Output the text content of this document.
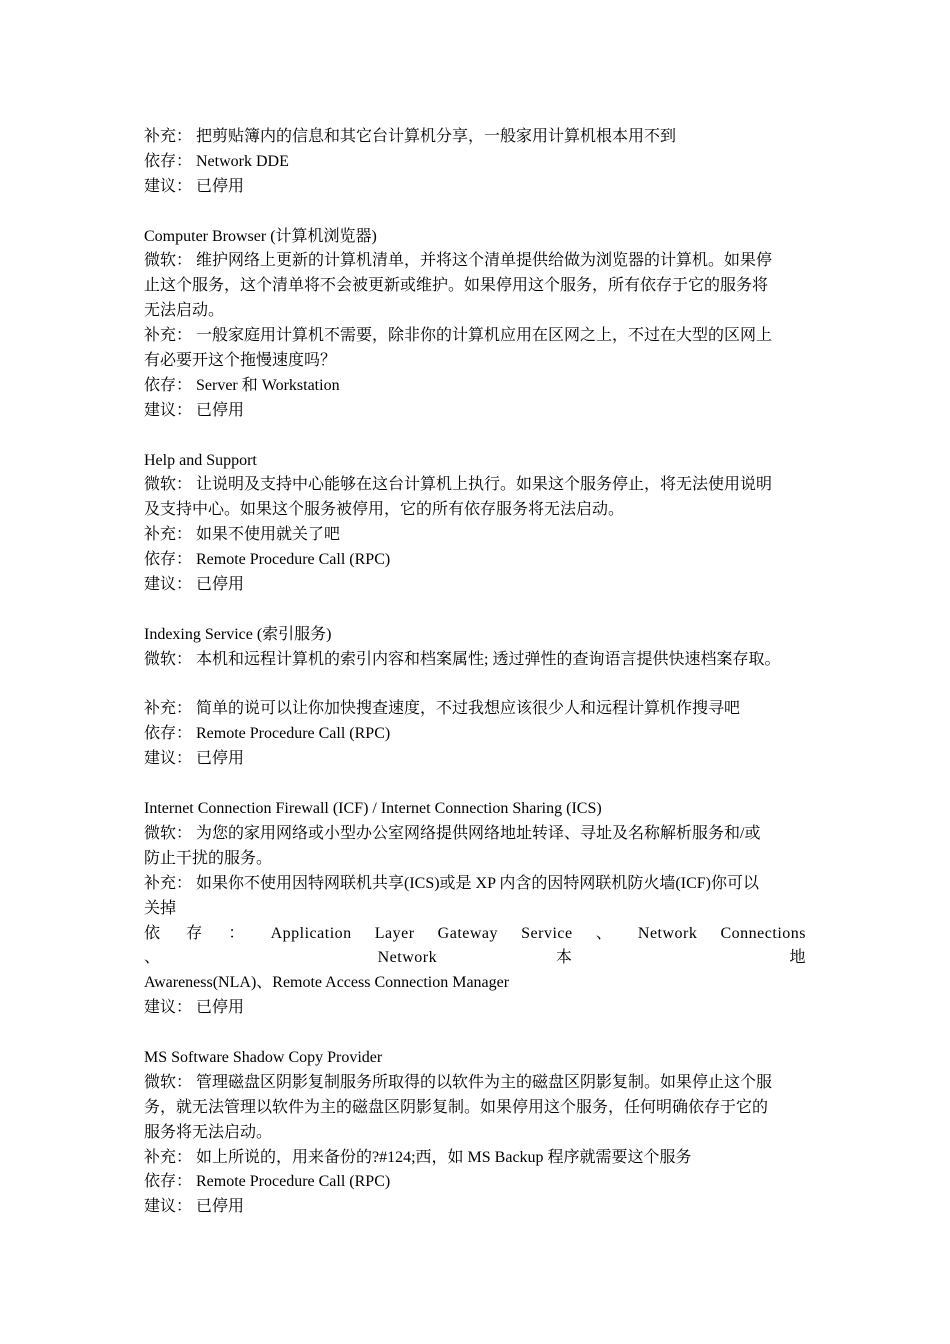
补充： 把剪贴簿内的信息和其它台计算机分享，一般家用计算机根本用不到
依存： Network DDE
建议： 已停用
Computer Browser (计算机浏览器)
微软： 维护网络上更新的计算机清单，并将这个清单提供给做为浏览器的计算机。如果停
止这个服务，这个清单将不会被更新或维护。如果停用这个服务，所有依存于它的服务将
无法启动。
补充： 一般家庭用计算机不需要，除非你的计算机应用在区网之上，不过在大型的区网上
有必要开这个拖慢速度吗？
依存： Server 和 Workstation
建议： 已停用
Help and Support
微软： 让说明及支持中心能够在这台计算机上执行。如果这个服务停止，将无法使用说明
及支持中心。如果这个服务被停用，它的所有依存服务将无法启动。
补充： 如果不使用就关了吧
依存： Remote Procedure Call (RPC)
建议： 已停用
Indexing Service (索引服务)
微软： 本机和远程计算机的索引内容和档案属性; 透过弹性的查询语言提供快速档案存取。
补充： 简单的说可以让你加快搜查速度，不过我想应该很少人和远程计算机作搜寻吧
依存： Remote Procedure Call (RPC)
建议： 已停用
Internet Connection Firewall (ICF) / Internet Connection Sharing (ICS)
微软： 为您的家用网络或小型办公室网络提供网络地址转译、寻址及名称解析服务和/或
防止干扰的服务。
补充： 如果你不使用因特网联机共享(ICS)或是 XP 内含的因特网联机防火墙(ICF)你可以
关掉
依 存 ： Application Layer Gateway Service 、 Network Connections 、 Network 本 地
Awareness(NLA)、Remote Access Connection Manager
建议： 已停用
MS Software Shadow Copy Provider
微软： 管理磁盘区阴影复制服务所取得的以软件为主的磁盘区阴影复制。如果停止这个服
务，就无法管理以软件为主的磁盘区阴影复制。如果停用这个服务，任何明确依存于它的
服务将无法启动。
补充： 如上所说的，用来备份的?#124;西，如 MS Backup 程序就需要这个服务
依存： Remote Procedure Call (RPC)
建议： 已停用
